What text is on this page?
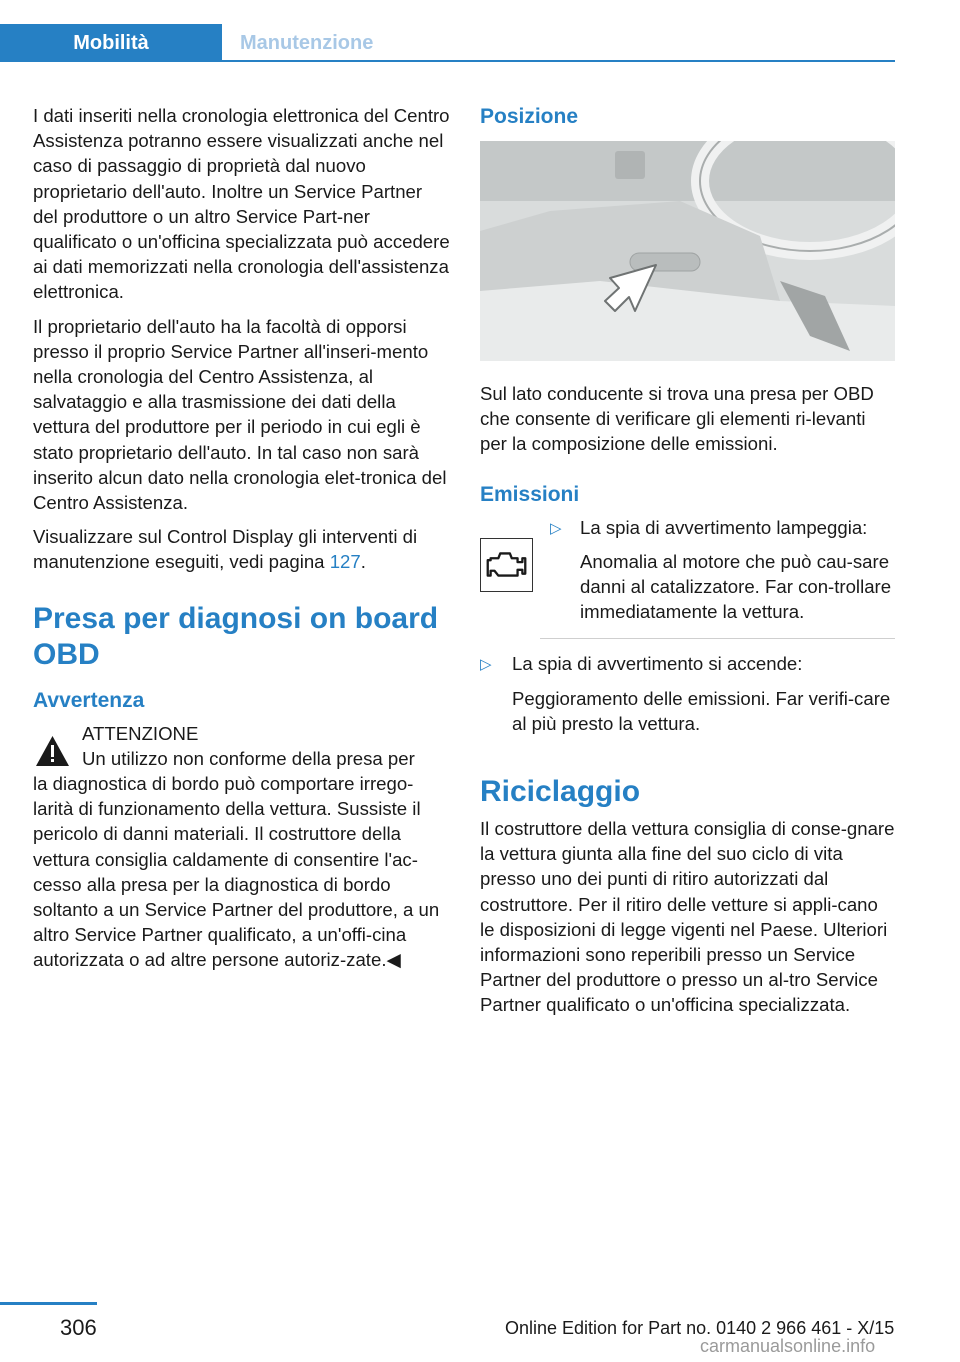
Mobilità	Manutenzione

I dati inseriti nella cronologia elettronica del Centro Assistenza potranno essere visualizzati anche nel caso di passaggio di proprietà dal nuovo proprietario dell'auto. Inoltre un Service Partner del produttore o un altro Service Part‐ner qualificato o un'officina specializzata può accedere ai dati memorizzati nella cronologia dell'assistenza elettronica.

Il proprietario dell'auto ha la facoltà di opporsi presso il proprio Service Partner all'inseri‐mento nella cronologia del Centro Assistenza, al salvataggio e alla trasmissione dei dati della vettura del produttore per il periodo in cui egli è stato proprietario dell'auto. In tal caso non sarà inserito alcun dato nella cronologia elet‐tronica del Centro Assistenza.

Visualizzare sul Control Display gli interventi di manutenzione eseguiti, vedi pagina 127.

Presa per diagnosi on board OBD
Avvertenza
ATTENZIONE
Un utilizzo non conforme della presa per
la diagnostica di bordo può comportare irrego‐larità di funzionamento della vettura. Sussiste il pericolo di danni materiali. Il costruttore della vettura consiglia caldamente di consentire l'ac‐cesso alla presa per la diagnostica di bordo soltanto a un Service Partner del produttore, a un altro Service Partner qualificato, a un'offi‐cina autorizzata o ad altre persone autoriz‐zate.◀
Posizione

Sul lato conducente si trova una presa per OBD che consente di verificare gli elementi ri‐levanti per la composizione delle emissioni.

Emissioni
▷ La spia di avvertimento lampeggia:
Anomalia al motore che può cau‐sare danni al catalizzatore. Far con‐trollare immediatamente la vettura.
▷ La spia di avvertimento si accende:
Peggioramento delle emissioni. Far verifi‐care al più presto la vettura.
Riciclaggio

Il costruttore della vettura consiglia di conse‐gnare la vettura giunta alla fine del suo ciclo di vita presso uno dei punti di ritiro autorizzati dal costruttore. Per il ritiro delle vetture si appli‐cano le disposizioni di legge vigenti nel Paese. Ulteriori informazioni sono reperibili presso un Service Partner del produttore o presso un al‐tro Service Partner qualificato o un'officina specializzata.

306	Online Edition for Part no. 0140 2 966 461 - X/15
carmanualsonline.info
